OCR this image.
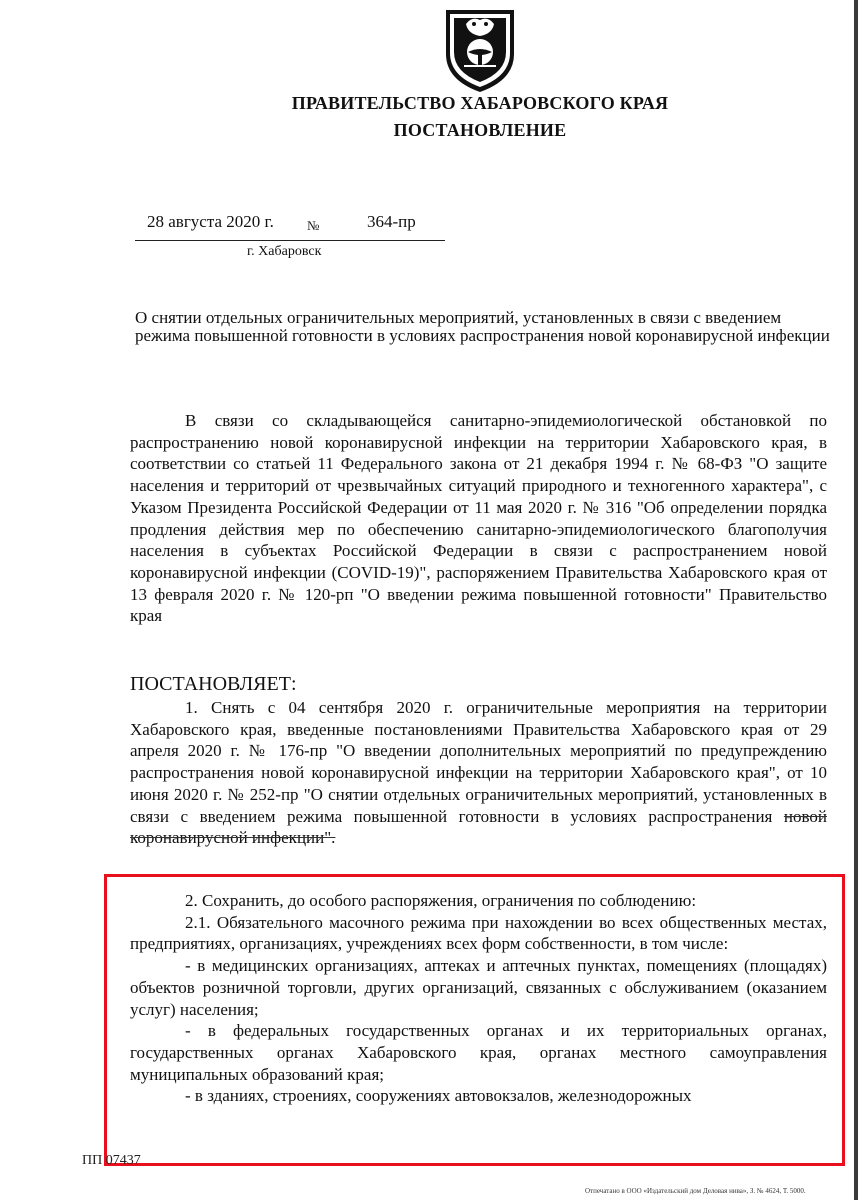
ПРАВИТЕЛЬСТВО ХАБАРОВСКОГО КРАЯ
ПОСТАНОВЛЕНИЕ
28 августа 2020 г.	№	364-пр
г. Хабаровск
О снятии отдельных ограничительных мероприятий, установленных в связи с введением режима повышенной готовности в условиях распространения новой коронавирусной инфекции

В связи со складывающейся санитарно-эпидемиологической обстановкой по распространению новой коронавирусной инфекции на территории Хабаровского края, в соответствии со статьей 11 Федерального закона от 21 декабря 1994 г. № 68-ФЗ "О защите населения и территорий от чрезвычайных ситуаций природного и техногенного характера", с Указом Президента Российской Федерации от 11 мая 2020 г. № 316 "Об определении порядка продления действия мер по обеспечению санитарно-эпидемиологического благополучия населения в субъектах Российской Федерации в связи с распространением новой коронавирусной инфекции (COVID-19)", распоряжением Правительства Хабаровского края от 13 февраля 2020 г. № 120-рп "О введении режима повышенной готовности" Правительство края

ПОСТАНОВЛЯЕТ:

1. Снять с 04 сентября 2020 г. ограничительные мероприятия на территории Хабаровского края, введенные постановлениями Правительства Хабаровского края от 29 апреля 2020 г. № 176-пр "О введении дополнительных мероприятий по предупреждению распространения новой коронавирусной инфекции на территории Хабаровского края", от 10 июня 2020 г. № 252-пр "О снятии отдельных ограничительных мероприятий, установленных в связи с введением режима повышенной готовности в условиях распространения новой коронавирусной инфекции".

2. Сохранить, до особого распоряжения, ограничения по соблюдению:

2.1. Обязательного масочного режима при нахождении во всех общественных местах, предприятиях, организациях, учреждениях всех форм собственности, в том числе:

- в медицинских организациях, аптеках и аптечных пунктах, помещениях (площадях) объектов розничной торговли, других организаций, связанных с обслуживанием (оказанием услуг) населения;

- в федеральных государственных органах и их территориальных органах, государственных органах Хабаровского края, органах местного самоуправления муниципальных образований края;

- в зданиях, строениях, сооружениях автовокзалов, железнодорожных

ПП 07437
Отпечатано в ООО «Издательский дом Деловая нива», З. № 4624, Т. 5000.
